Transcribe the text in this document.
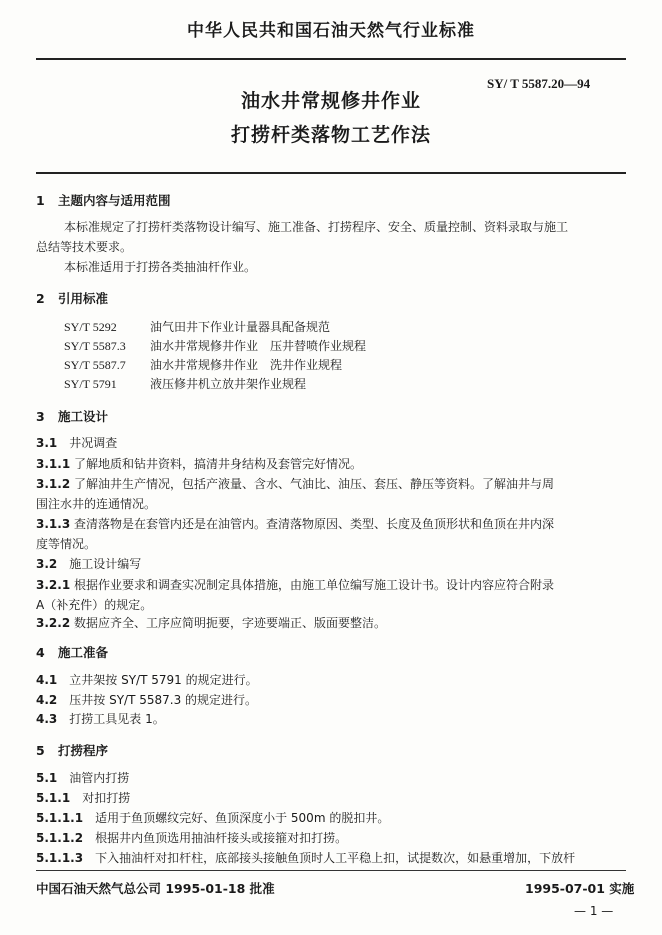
中华人民共和国石油天然气行业标准
SY/ T 5587.20—94
油水井常规修井作业
打捞杆类落物工艺作法
1 主题内容与适用范围
本标准规定了打捞杆类落物设计编写、施工准备、打捞程序、安全、质量控制、资料录取与施工
总结等技术要求。
本标准适用于打捞各类抽油杆作业。
2 引用标准
SY/T 5292	油气田井下作业计量器具配备规范
SY/T 5587.3 油水井常规修井作业　压井替喷作业规程
SY/T 5587.7 油水井常规修井作业　洗井作业规程
SY/T 5791	液压修井机立放井架作业规程
3 施工设计
3.1　 井况调查
3.1.1 了解地质和钻井资料，搞清井身结构及套管完好情况。
3.1.2 了解油井生产情况，包括产液量、含水、气油比、油压、套压、静压等资料。了解油井与周
围注水井的连通情况。
3.1.3 查清落物是在套管内还是在油管内。查清落物原因、类型、长度及鱼顶形状和鱼顶在井内深
度等情况。
3.2　 施工设计编写
3.2.1 根据作业要求和调查实况制定具体措施，由施工单位编写施工设计书。设计内容应符合附录
A（补充件）的规定。
3.2.2 数据应齐全、工序应简明扼要，字迹要端正、版面要整洁。
4 施工准备
4.1　 立井架按 SY/T 5791 的规定进行。
4.2　 压井按 SY/T 5587.3 的规定进行。
4.3　 打捞工具见表 1。
5 打捞程序
5.1　 油管内打捞
5.1.1　 对扣打捞
5.1.1.1　 适用于鱼顶螺纹完好、鱼顶深度小于 500m 的脱扣井。
5.1.1.2　 根据井内鱼顶选用抽油杆接头或接箍对扣打捞。
5.1.1.3　 下入抽油杆对扣杆柱，底部接头接触鱼顶时人工平稳上扣，试提数次，如悬重增加，下放杆
中国石油天然气总公司 1995-01-18 批准	1995-07-01 实施
— 1 —
